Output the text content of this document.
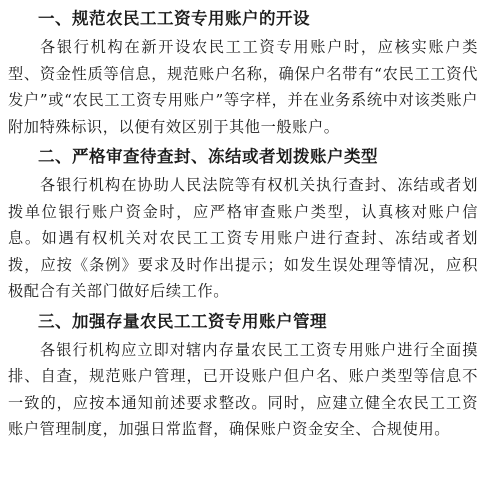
一、规范农民工工资专用账户的开设

各银行机构在新开设农民工工资专用账户时，应核实账户类型、资金性质等信息，规范账户名称，确保户名带有“农民工工资代发户”或“农民工工资专用账户”等字样，并在业务系统中对该类账户附加特殊标识，以便有效区别于其他一般账户。

二、严格审查待查封、冻结或者划拨账户类型

各银行机构在协助人民法院等有权机关执行查封、冻结或者划拨单位银行账户资金时，应严格审查账户类型，认真核对账户信息。如遇有权机关对农民工工资专用账户进行查封、冻结或者划拨，应按《条例》要求及时作出提示；如发生误处理等情况，应积极配合有关部门做好后续工作。

三、加强存量农民工工资专用账户管理

各银行机构应立即对辖内存量农民工工资专用账户进行全面摸排、自查，规范账户管理，已开设账户但户名、账户类型等信息不一致的，应按本通知前述要求整改。同时，应建立健全农民工工资账户管理制度，加强日常监督，确保账户资金安全、合规使用。
